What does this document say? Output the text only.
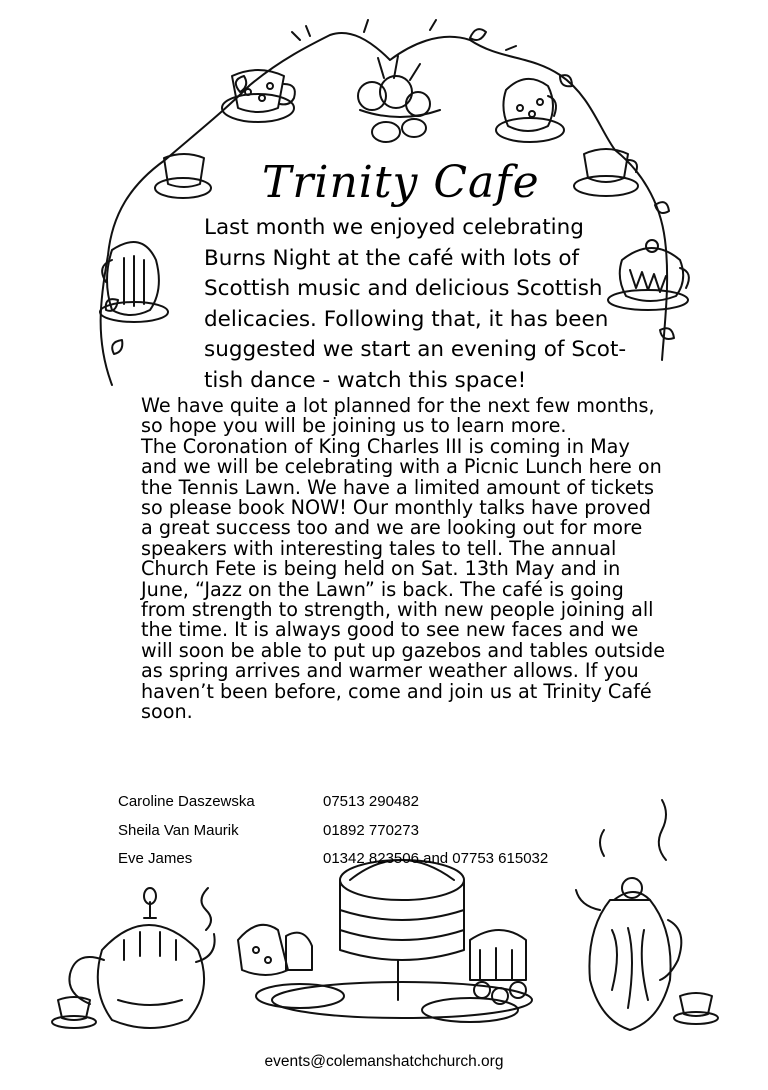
Trinity Cafe
Last month we enjoyed celebrating
Burns Night at the café with lots of
Scottish music and delicious Scottish
delicacies. Following that, it has been
suggested we start an evening of Scot-
tish dance - watch this space!
We have quite a lot planned for the next few months,
so hope you will be joining us to learn more.
The Coronation of King Charles III is coming in May
and we will be celebrating with a Picnic Lunch here on
the Tennis Lawn. We have a limited amount of tickets
so please book NOW! Our monthly talks have proved
a great success too and we are looking out for more
speakers with interesting tales to tell. The annual
Church Fete is being held on Sat. 13th May and in
June, “Jazz on the Lawn” is back. The café is going
from strength to strength, with new people joining all
the time. It is always good to see new faces and we
will soon be able to put up gazebos and tables outside
as spring arrives and warmer weather allows. If you
haven’t been before, come and join us at Trinity Café
soon.
Caroline Daszewska	07513 290482
Sheila Van Maurik	01892 770273
Eve James	01342 823506 and 07753 615032
events@colemanshatchchurch.org
